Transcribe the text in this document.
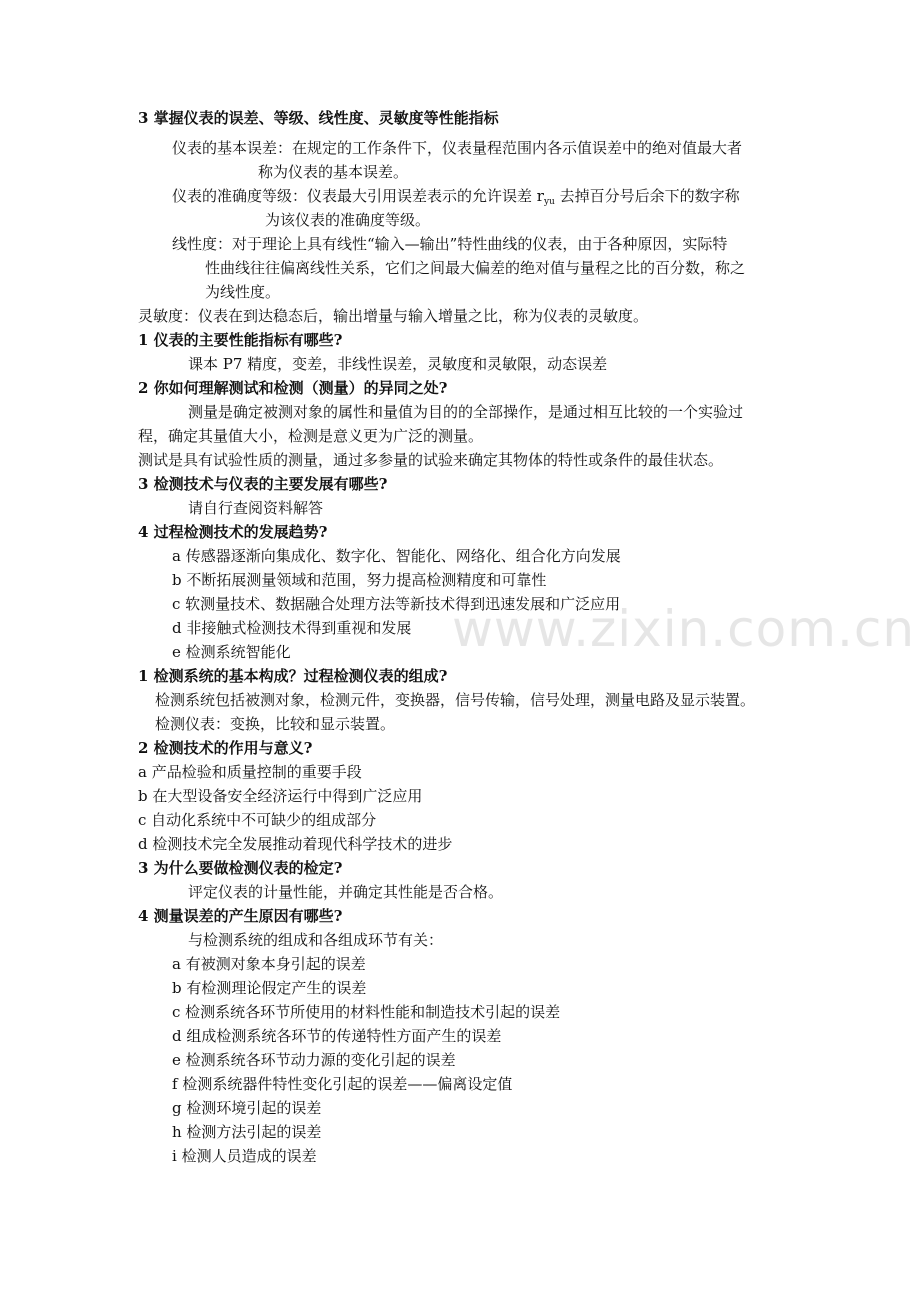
www.zixin.com.cn
3 掌握仪表的误差、等级、线性度、灵敏度等性能指标
仪表的基本误差：在规定的工作条件下，仪表量程范围内各示值误差中的绝对值最大者
称为仪表的基本误差。
仪表的准确度等级：仪表最大引用误差表示的允许误差 $r_{yu}$ 去掉百分号后余下的数字称
为该仪表的准确度等级。
线性度：对于理论上具有线性“输入—输出”特性曲线的仪表，由于各种原因，实际特
性曲线往往偏离线性关系，它们之间最大偏差的绝对值与量程之比的百分数，称之
为线性度。
灵敏度：仪表在到达稳态后，输出增量与输入增量之比，称为仪表的灵敏度。
1 仪表的主要性能指标有哪些?
课本 P7 精度，变差，非线性误差，灵敏度和灵敏限，动态误差
2 你如何理解测试和检测（测量）的异同之处?
测量是确定被测对象的属性和量值为目的的全部操作，是通过相互比较的一个实验过
程，确定其量值大小，检测是意义更为广泛的测量。
测试是具有试验性质的测量，通过多参量的试验来确定其物体的特性或条件的最佳状态。
3 检测技术与仪表的主要发展有哪些?
请自行查阅资料解答
4 过程检测技术的发展趋势?
a 传感器逐渐向集成化、数字化、智能化、网络化、组合化方向发展
b 不断拓展测量领域和范围，努力提高检测精度和可靠性
c 软测量技术、数据融合处理方法等新技术得到迅速发展和广泛应用
d 非接触式检测技术得到重视和发展
e 检测系统智能化
1 检测系统的基本构成？过程检测仪表的组成?
检测系统包括被测对象，检测元件，变换器，信号传输，信号处理，测量电路及显示装置。
检测仪表：变换，比较和显示装置。
2 检测技术的作用与意义?
a 产品检验和质量控制的重要手段
b 在大型设备安全经济运行中得到广泛应用
c 自动化系统中不可缺少的组成部分
d 检测技术完全发展推动着现代科学技术的进步
3 为什么要做检测仪表的检定?
评定仪表的计量性能，并确定其性能是否合格。
4 测量误差的产生原因有哪些?
与检测系统的组成和各组成环节有关：
a 有被测对象本身引起的误差
b 有检测理论假定产生的误差
c 检测系统各环节所使用的材料性能和制造技术引起的误差
d 组成检测系统各环节的传递特性方面产生的误差
e 检测系统各环节动力源的变化引起的误差
f 检测系统器件特性变化引起的误差——偏离设定值
g 检测环境引起的误差
h 检测方法引起的误差
i 检测人员造成的误差
